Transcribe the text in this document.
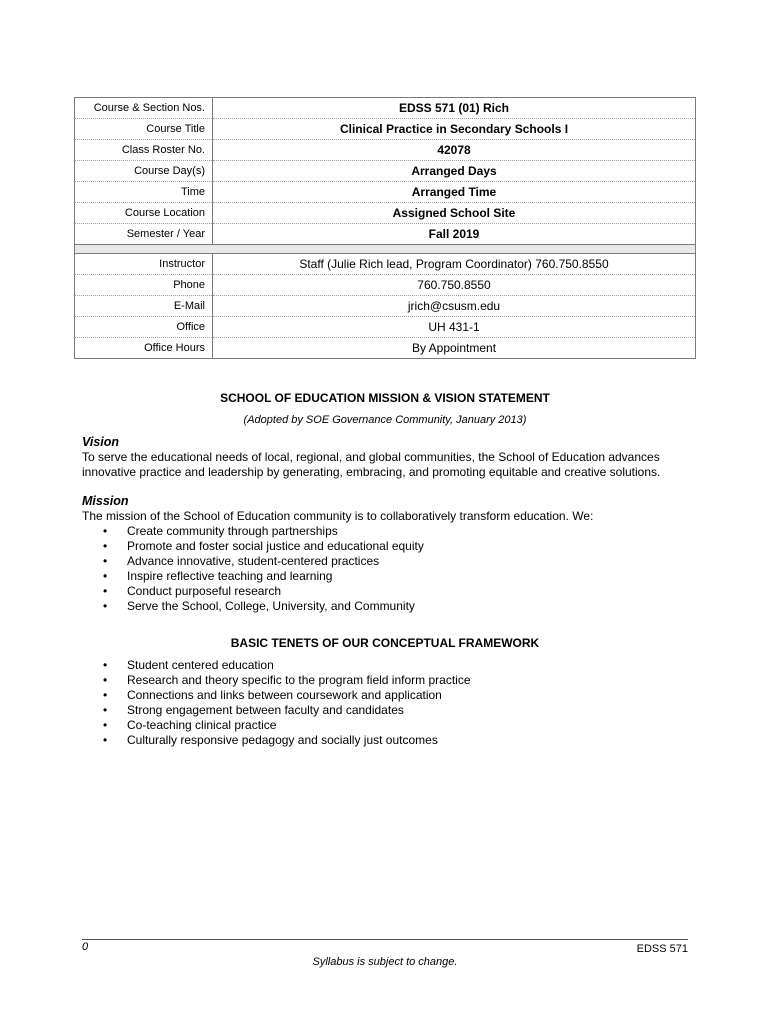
Course & Section Nos.	EDSS 571 (01) Rich
Course Title	Clinical Practice in Secondary Schools I
Class Roster No.	42078
Course Day(s)	Arranged Days
Time	Arranged Time
Course Location	Assigned School Site
Semester / Year	Fall 2019

Instructor	Staff (Julie Rich lead, Program Coordinator) 760.750.8550
Phone	760.750.8550
E-Mail	jrich@csusm.edu
Office	UH 431-1
Office Hours	By Appointment
SCHOOL OF EDUCATION MISSION & VISION STATEMENT
(Adopted by SOE Governance Community, January 2013)
Vision
To serve the educational needs of local, regional, and global communities, the School of Education advances innovative practice and leadership by generating, embracing, and promoting equitable and creative solutions.
Mission
The mission of the School of Education community is to collaboratively transform education. We:
• Create community through partnerships
• Promote and foster social justice and educational equity
• Advance innovative, student-centered practices
• Inspire reflective teaching and learning
• Conduct purposeful research
• Serve the School, College, University, and Community
BASIC TENETS OF OUR CONCEPTUAL FRAMEWORK
• Student centered education
• Research and theory specific to the program field inform practice
• Connections and links between coursework and application
• Strong engagement between faculty and candidates
• Co-teaching clinical practice
• Culturally responsive pedagogy and socially just outcomes
0	EDSS 571
Syllabus is subject to change.
